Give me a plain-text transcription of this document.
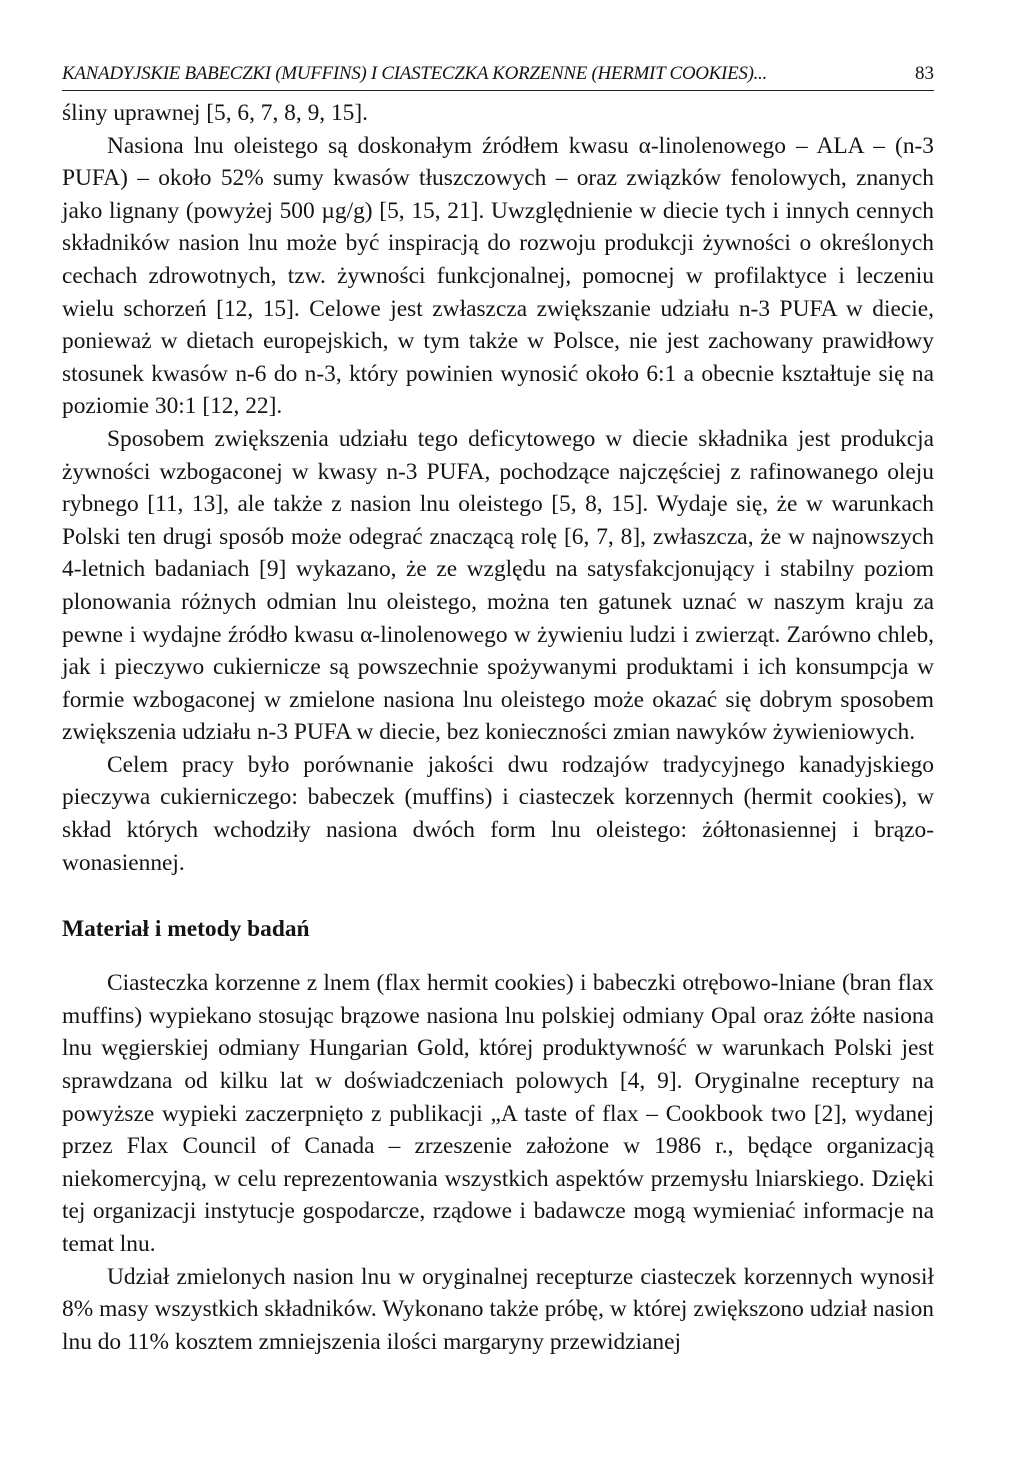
KANADYJSKIE BABECZKI (MUFFINS) I CIASTECZKA KORZENNE (HERMIT COOKIES)...	83

śliny uprawnej [5, 6, 7, 8, 9, 15].

Nasiona lnu oleistego są doskonałym źródłem kwasu α-linolenowego – ALA – (n-3 PUFA) – około 52% sumy kwasów tłuszczowych – oraz związków fenolowych, znanych jako lignany (powyżej 500 µg/g) [5, 15, 21]. Uwzględnienie w diecie tych i innych cennych składników nasion lnu może być inspiracją do rozwoju produkcji żywności o określonych cechach zdrowotnych, tzw. żywności funkcjonalnej, pomocnej w profilaktyce i leczeniu wielu schorzeń [12, 15]. Celowe jest zwłaszcza zwiększanie udziału n-3 PUFA w diecie, ponieważ w dietach europejskich, w tym także w Polsce, nie jest zachowany prawidłowy stosunek kwasów n-6 do n-3, który powinien wynosić około 6:1 a obecnie kształtuje się na poziomie 30:1 [12, 22].

Sposobem zwiększenia udziału tego deficytowego w diecie składnika jest produkcja żywności wzbogaconej w kwasy n-3 PUFA, pochodzące najczęściej z rafinowanego oleju rybnego [11, 13], ale także z nasion lnu oleistego [5, 8, 15]. Wydaje się, że w warunkach Polski ten drugi sposób może odegrać znaczącą rolę [6, 7, 8], zwłaszcza, że w najnowszych 4-letnich badaniach [9] wykazano, że ze względu na satysfakcjonujący i stabilny poziom plonowania różnych odmian lnu oleistego, można ten gatunek uznać w naszym kraju za pewne i wydajne źródło kwasu α-linolenowego w żywieniu ludzi i zwierząt. Zarówno chleb, jak i pieczywo cukiernicze są powszechnie spożywanymi produktami i ich konsumpcja w formie wzbogaconej w zmielone nasiona lnu oleistego może okazać się dobrym sposobem zwiększenia udziału n-3 PUFA w diecie, bez konieczności zmian nawyków żywieniowych.

Celem pracy było porównanie jakości dwu rodzajów tradycyjnego kanadyjskiego pieczywa cukierniczego: babeczek (muffins) i ciasteczek korzennych (hermit cookies), w skład których wchodziły nasiona dwóch form lnu oleistego: żółtonasiennej i brązowonasiennej.

Materiał i metody badań

Ciasteczka korzenne z lnem (flax hermit cookies) i babeczki otrębowo-lniane (bran flax muffins) wypiekano stosując brązowe nasiona lnu polskiej odmiany Opal oraz żółte nasiona lnu węgierskiej odmiany Hungarian Gold, której produktywność w warunkach Polski jest sprawdzana od kilku lat w doświadczeniach polowych [4, 9]. Oryginalne receptury na powyższe wypieki zaczerpnięto z publikacji „A taste of flax – Cookbook two [2], wydanej przez Flax Council of Canada – zrzeszenie założone w 1986 r., będące organizacją niekomercyjną, w celu reprezentowania wszystkich aspektów przemysłu lniarskiego. Dzięki tej organizacji instytucje gospodarcze, rządowe i badawcze mogą wymieniać informacje na temat lnu.

Udział zmielonych nasion lnu w oryginalnej recepturze ciasteczek korzennych wynosił 8% masy wszystkich składników. Wykonano także próbę, w której zwiększono udział nasion lnu do 11% kosztem zmniejszenia ilości margaryny przewidzianej
